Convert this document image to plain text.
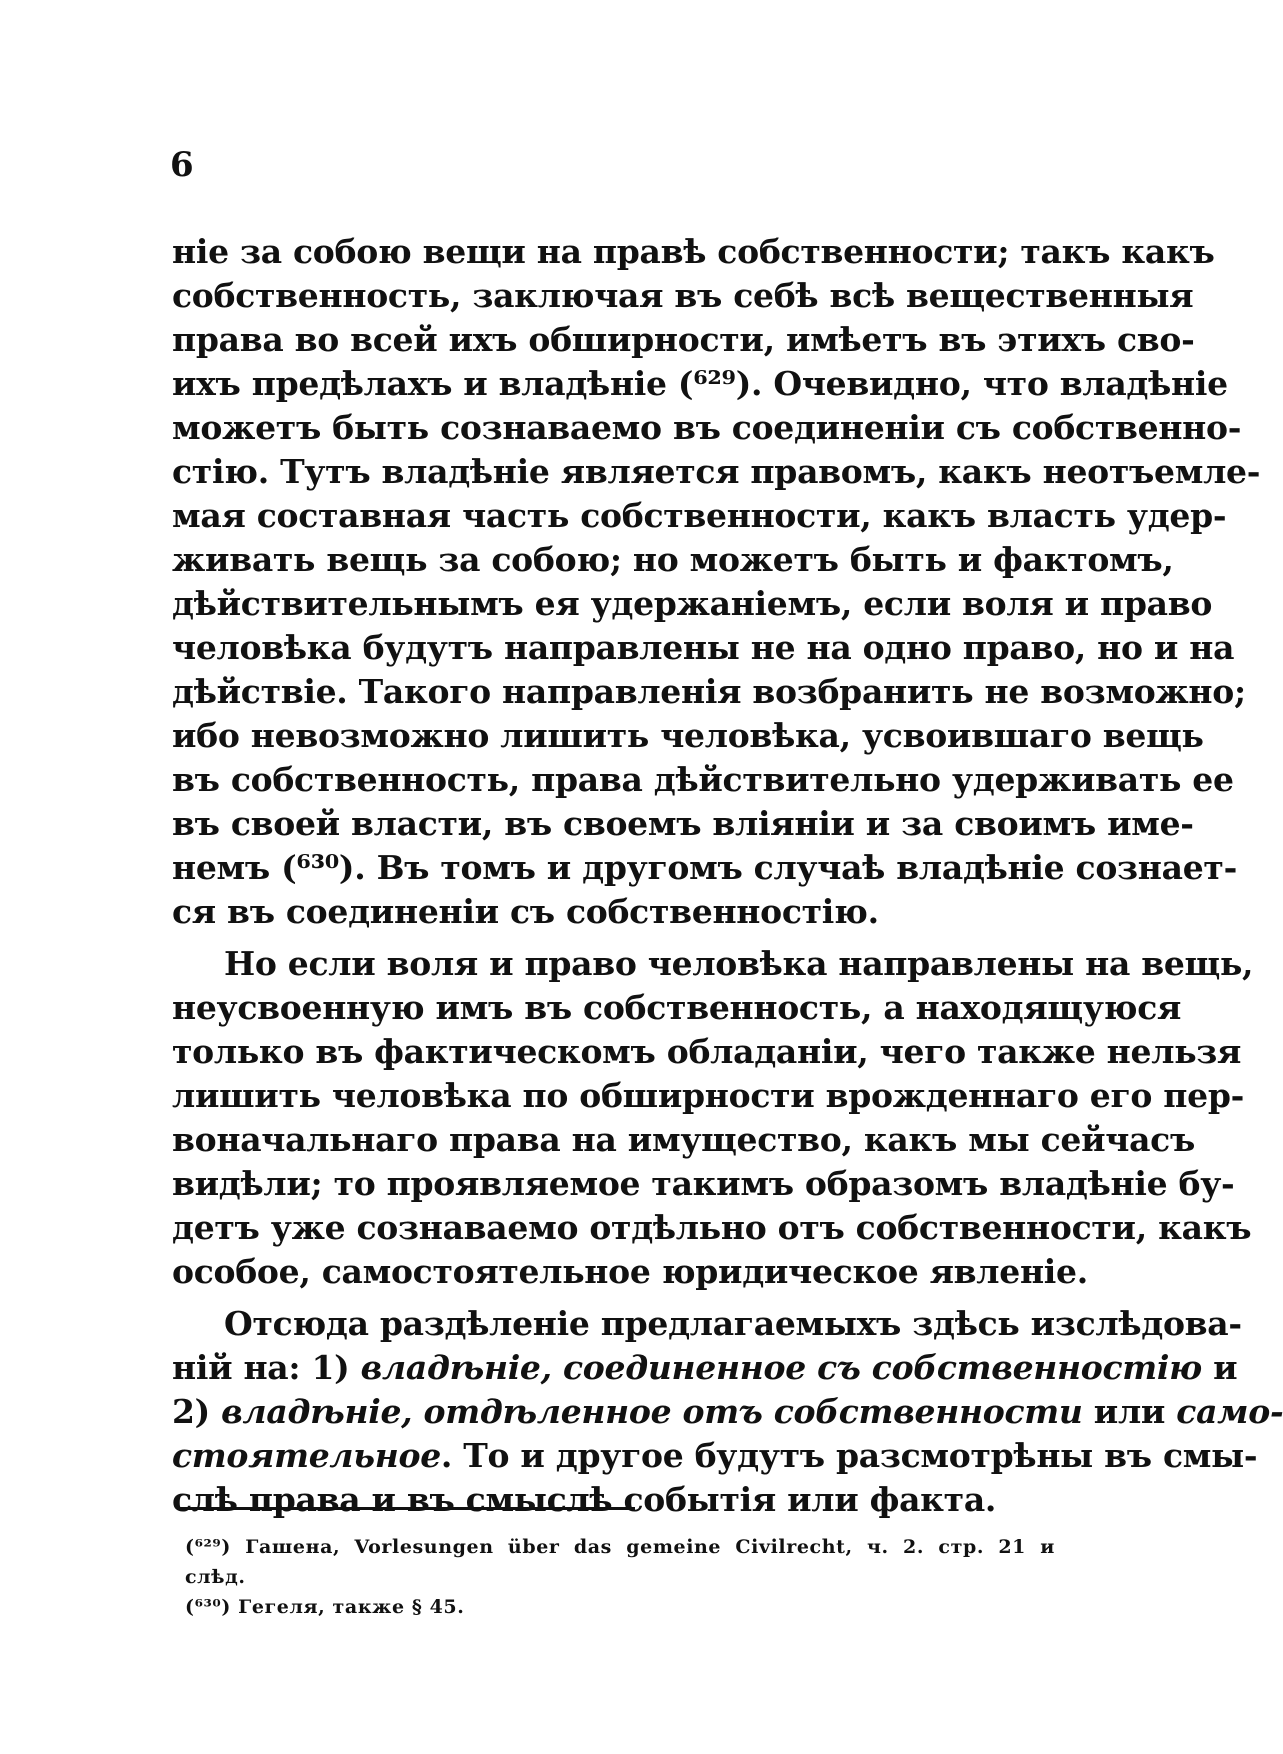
6
ніе за собою вещи на правѣ собственности; такъ какъ
собственность, заключая въ себѣ всѣ вещественныя
права во всей ихъ обширности, имѣетъ въ этихъ сво-
ихъ предѣлахъ и владѣніе (⁶²⁹). Очевидно, что владѣніе
можетъ быть сознаваемо въ соединеніи съ собственно-
стію. Тутъ владѣніе является правомъ, какъ неотъемле-
мая составная часть собственности, какъ власть удер-
живать вещь за собою; но можетъ быть и фактомъ,
дѣйствительнымъ ея удержаніемъ, если воля и право
человѣка будутъ направлены не на одно право, но и на
дѣйствіе. Такого направленія возбранить не возможно;
ибо невозможно лишить человѣка, усвоившаго вещь
въ собственность, права дѣйствительно удерживать ее
въ своей власти, въ своемъ вліяніи и за своимъ име-
немъ (⁶³⁰). Въ томъ и другомъ случаѣ владѣніе сознает-
ся въ соединеніи съ собственностію.
Но если воля и право человѣка направлены на вещь,
неусвоенную имъ въ собственность, а находящуюся
только въ фактическомъ обладаніи, чего также нельзя
лишить человѣка по обширности врожденнаго его пер-
воначальнаго права на имущество, какъ мы сейчасъ
видѣли; то проявляемое такимъ образомъ владѣніе бу-
детъ уже сознаваемо отдѣльно отъ собственности, какъ
особое, самостоятельное юридическое явленіе.
Отсюда раздѣленіе предлагаемыхъ здѣсь изслѣдова-
ній на: 1) владѣніе, соединенное съ собственностію и
2) владѣніе, отдѣленное отъ собственности или само-
стоятельное. То и другое будутъ разсмотрѣны въ смы-
слѣ права и въ смыслѣ событія или факта.
(⁶²⁹) Гашена, Vorlesungen über das gemeine Civilrecht, ч. 2. стр. 21 и
слѣд.
(⁶³⁰) Гегеля, также § 45.
